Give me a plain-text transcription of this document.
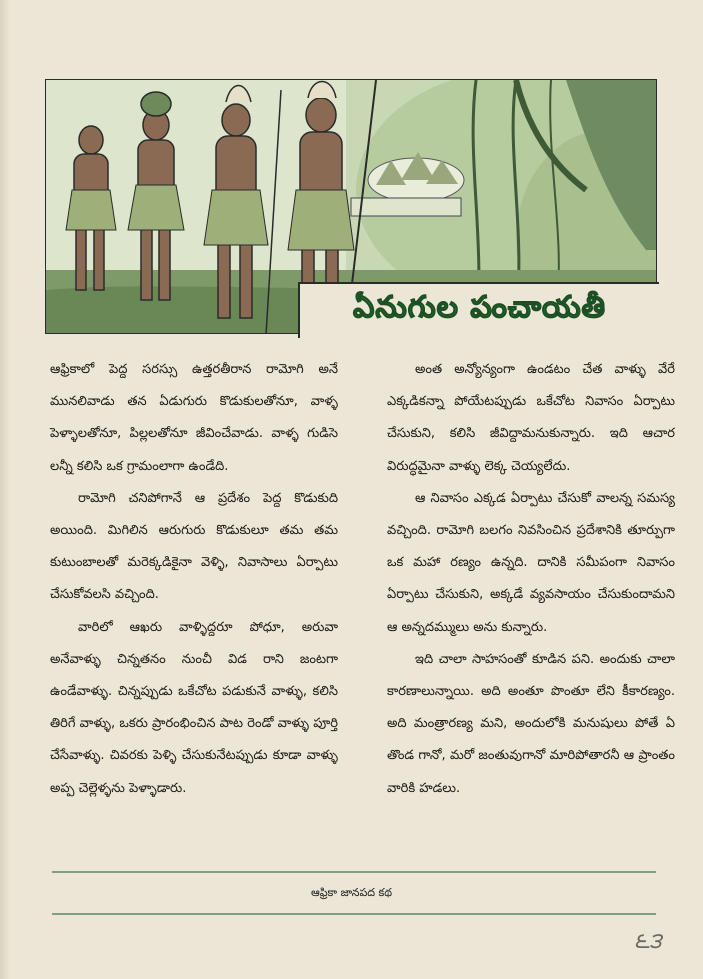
ఏనుగుల పంచాయతీ

ఆఫ్రికాలో పెద్ద సరస్సు ఉత్తరతీరాన రామోగి అనే మునలివాడు తన ఏడుగురు కొడుకులతోనూ, వాళ్ళ పెళ్ళాలతోనూ, పిల్లలతోనూ జీవించేవాడు. వాళ్ళ గుడిసె లన్నీ కలిసి ఒక గ్రామంలాగా ఉండేది.

రామోగి చనిపోగానే ఆ ప్రదేశం పెద్ద కొడుకుది అయింది. మిగిలిన ఆరుగురు కొడుకులూ తమ తమ కుటుంబాలతో మరెక్కడికైనా వెళ్ళి, నివాసాలు ఏర్పాటు చేసుకోవలసి వచ్చింది.

వారిలో ఆఖరు వాళ్ళిద్దరూ పోధూ, అరువా అనేవాళ్ళు చిన్నతనం నుంచీ విడ రాని జంటగా ఉండేవాళ్ళు. చిన్నప్పుడు ఒకేచోట పడుకునే వాళ్ళు, కలిసి తిరిగే వాళ్ళు, ఒకరు ప్రారంభించిన పాట రెండో వాళ్ళు పూర్తి చేసేవాళ్ళు. చివరకు పెళ్ళి చేసుకునేటప్పుడు కూడా వాళ్ళు అప్ప చెల్లెళ్ళను పెళ్ళాడారు.

అంత అన్యోన్యంగా ఉండటం చేత వాళ్ళు వేరే ఎక్కడికన్నా పోయేటప్పుడు ఒకేచోట నివాసం ఏర్పాటు చేసుకుని, కలిసి జీవిద్దామనుకున్నారు. ఇది ఆచార విరుద్ధమైనా వాళ్ళు లెక్క చెయ్యలేదు.

ఆ నివాసం ఎక్కడ ఏర్పాటు చేసుకో వాలన్న సమస్య వచ్చింది. రామోగి బలగం నివసించిన ప్రదేశానికి తూర్పుగా ఒక మహా రణ్యం ఉన్నది. దానికి సమీపంగా నివాసం ఏర్పాటు చేసుకుని, అక్కడే వ్యవసాయం చేసుకుందామని ఆ అన్నదమ్ములు అను కున్నారు.

ఇది చాలా సాహసంతో కూడిన పని. అందుకు చాలా కారణాలున్నాయి. అది అంతూ పొంతూ లేని కీకారణ్యం. అది మంత్రారణ్య మని, అందులోకి మనుషులు పోతే ఏ తొండ గానో, మరో జంతువుగానో మారిపోతారనీ ఆ ప్రాంతం వారికి హడలు.

ఆఫ్రికా జానపద కథ
౬౩
